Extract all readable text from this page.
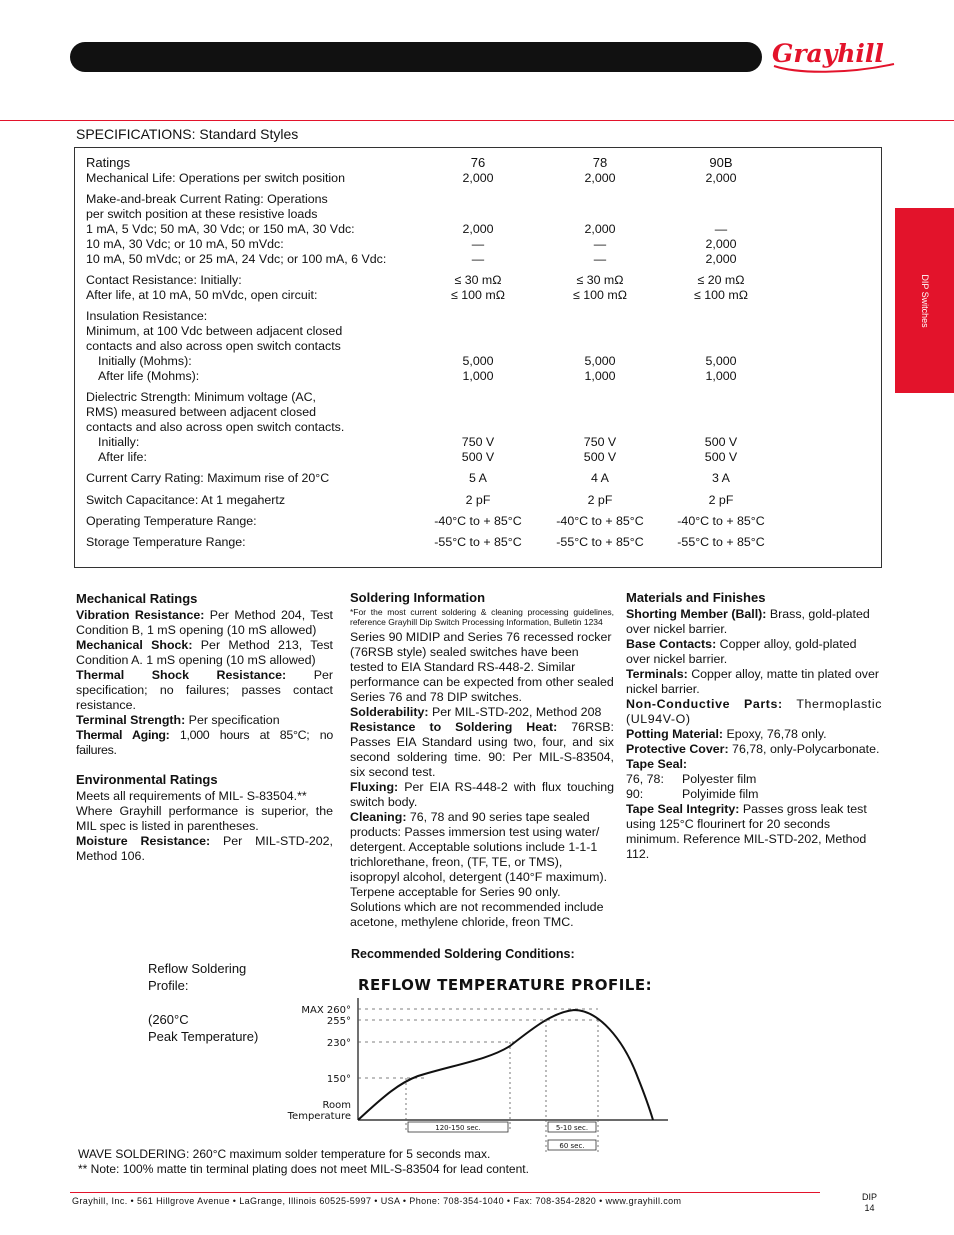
Grayhill
DIP Switches
SPECIFICATIONS: Standard Styles
Ratings	76	78	90B
Mechanical Life: Operations per switch position	2,000	2,000	2,000
Make-and-break Current Rating: Operations
per switch position at these resistive loads
1 mA, 5 Vdc; 50 mA, 30 Vdc; or 150 mA, 30 Vdc:	2,000	2,000	—
10 mA, 30 Vdc; or 10 mA, 50 mVdc:	—	—	2,000
10 mA, 50 mVdc; or 25 mA, 24 Vdc; or 100 mA, 6 Vdc:	—	—	2,000
Contact Resistance: Initially:	≤ 30 mΩ	≤ 30 mΩ	≤ 20 mΩ
After life, at 10 mA, 50 mVdc, open circuit:	≤ 100 mΩ	≤ 100 mΩ	≤ 100 mΩ
Insulation Resistance:
Minimum, at 100 Vdc between adjacent closed
contacts and also across open switch contacts
Initially (Mohms):	5,000	5,000	5,000
After life (Mohms):	1,000	1,000	1,000
Dielectric Strength: Minimum voltage (AC,
RMS) measured between adjacent closed
contacts and also across open switch contacts.
Initially:	750 V	750 V	500 V
After life:	500 V	500 V	500 V
Current Carry Rating: Maximum rise of 20°C	5 A	4 A	3 A
Switch Capacitance: At 1 megahertz	2 pF	2 pF	2 pF
Operating Temperature Range:	-40°C to + 85°C	-40°C to + 85°C	-40°C to + 85°C
Storage Temperature Range:	-55°C to + 85°C	-55°C to + 85°C	-55°C to + 85°C
Mechanical Ratings

Vibration Resistance: Per Method 204, Test Condition B, 1 mS opening (10 mS allowed)

Mechanical Shock: Per Method 213, Test Condition A. 1 mS opening (10 mS allowed)

Thermal Shock Resistance: Per specification; no failures; passes contact resistance.

Terminal Strength: Per specification

Thermal Aging: 1,000 hours at 85°C; no failures.

Environmental Ratings

Meets all requirements of MIL- S-83504.**

Where Grayhill performance is superior, the MIL spec is listed in parentheses.

Moisture Resistance: Per MIL-STD-202, Method 106.

Soldering Information

*For the most current soldering & cleaning processing guidelines, reference Grayhill Dip Switch Processing Information, Bulletin 1234

Series 90 MIDIP and Series 76 recessed rocker (76RSB style) sealed switches have been tested to EIA Standard RS-448-2. Similar performance can be expected from other sealed Series 76 and 78 DIP switches.

Solderability: Per MIL-STD-202, Method 208

Resistance to Soldering Heat: 76RSB: Passes EIA Standard using two, four, and six second soldering time. 90: Per MIL-S-83504, six second test.

Fluxing: Per EIA RS-448-2 with flux touching switch body.

Cleaning: 76, 78 and 90 series tape sealed products: Passes immersion test using water/ detergent. Acceptable solutions include 1-1-1 trichlorethane, freon, (TF, TE, or TMS), isopropyl alcohol, detergent (140°F maximum). Terpene acceptable for Series 90 only. Solutions which are not recommended include acetone, methylene chloride, freon TMC.

Materials and Finishes

Shorting Member (Ball): Brass, gold-plated over nickel barrier.

Base Contacts: Copper alloy, gold-plated over nickel barrier.

Terminals: Copper alloy, matte tin plated over nickel barrier.

Non-Conductive Parts: Thermoplastic (UL94V-O)

Potting Material: Epoxy, 76,78 only.

Protective Cover: 76,78, only-Polycarbonate.

Tape Seal:

76, 78: Polyester film

90:	Polyimide film

Tape Seal Integrity: Passes gross leak test using 125°C flourinert for 20 seconds minimum. Reference MIL-STD-202, Method 112.

Recommended Soldering Conditions:
Reflow Soldering
Profile:
(260°C
Peak Temperature)
REFLOW TEMPERATURE PROFILE:
MAX 260°
255°
230°
150°
Room
Temperature
120-150 sec.	5-10 sec.
60 sec.
WAVE SOLDERING: 260°C maximum solder temperature for 5 seconds max.
** Note: 100% matte tin terminal plating does not meet MIL-S-83504 for lead content.
Grayhill, Inc. • 561 Hillgrove Avenue • LaGrange, Illinois 60525-5997 • USA • Phone: 708-354-1040 • Fax: 708-354-2820 • www.grayhill.com	DIP
14
